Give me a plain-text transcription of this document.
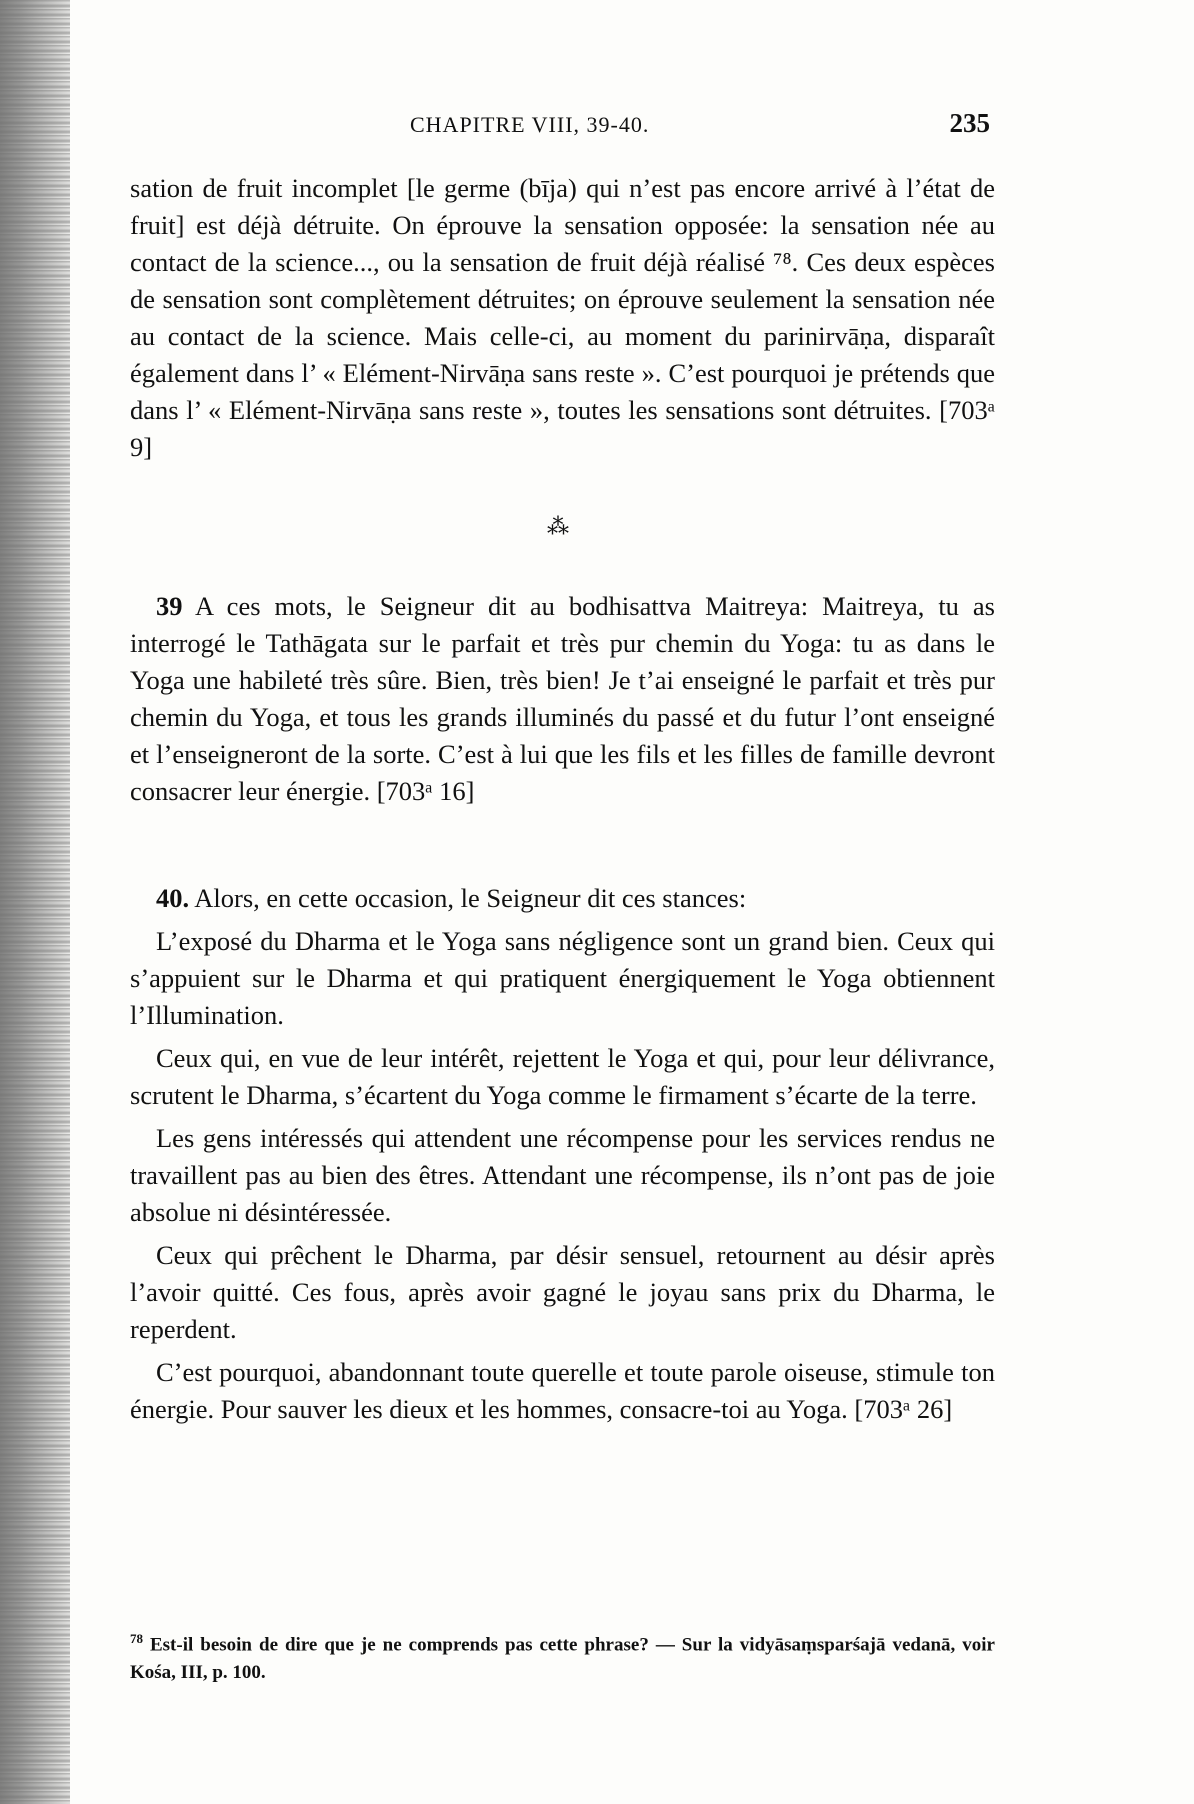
CHAPITRE VIII, 39-40.	235

sation de fruit incomplet [le germe (bīja) qui n’est pas encore arrivé à l’état de fruit] est déjà détruite. On éprouve la sensation opposée: la sensation née au contact de la science..., ou la sensation de fruit déjà réalisé ⁷⁸. Ces deux espèces de sensation sont complètement détruites; on éprouve seulement la sensation née au contact de la science. Mais celle-ci, au moment du parinirvāṇa, disparaît également dans l’ « Elément-Nirvāṇa sans reste ». C’est pourquoi je prétends que dans l’ « Elément-Nirvāṇa sans reste », toutes les sensations sont détruites. [703ᵃ 9]

⁂

39 A ces mots, le Seigneur dit au bodhisattva Maitreya: Maitreya, tu as interrogé le Tathāgata sur le parfait et très pur chemin du Yoga: tu as dans le Yoga une habileté très sûre. Bien, très bien! Je t’ai enseigné le parfait et très pur chemin du Yoga, et tous les grands illuminés du passé et du futur l’ont enseigné et l’enseigneront de la sorte. C’est à lui que les fils et les filles de famille devront consacrer leur énergie. [703ᵃ 16]

40. Alors, en cette occasion, le Seigneur dit ces stances:

L’exposé du Dharma et le Yoga sans négligence sont un grand bien. Ceux qui s’appuient sur le Dharma et qui pratiquent énergiquement le Yoga obtiennent l’Illumination.

Ceux qui, en vue de leur intérêt, rejettent le Yoga et qui, pour leur délivrance, scrutent le Dharma, s’écartent du Yoga comme le firmament s’écarte de la terre.

Les gens intéressés qui attendent une récompense pour les services rendus ne travaillent pas au bien des êtres. Attendant une récompense, ils n’ont pas de joie absolue ni désintéressée.

Ceux qui prêchent le Dharma, par désir sensuel, retournent au désir après l’avoir quitté. Ces fous, après avoir gagné le joyau sans prix du Dharma, le reperdent.

C’est pourquoi, abandonnant toute querelle et toute parole oiseuse, stimule ton énergie. Pour sauver les dieux et les hommes, consacre-toi au Yoga. [703ᵃ 26]

$^{78}$ Est-il besoin de dire que je ne comprends pas cette phrase? — Sur la vidyāsaṃsparśajā vedanā, voir Kośa, III, p. 100.
